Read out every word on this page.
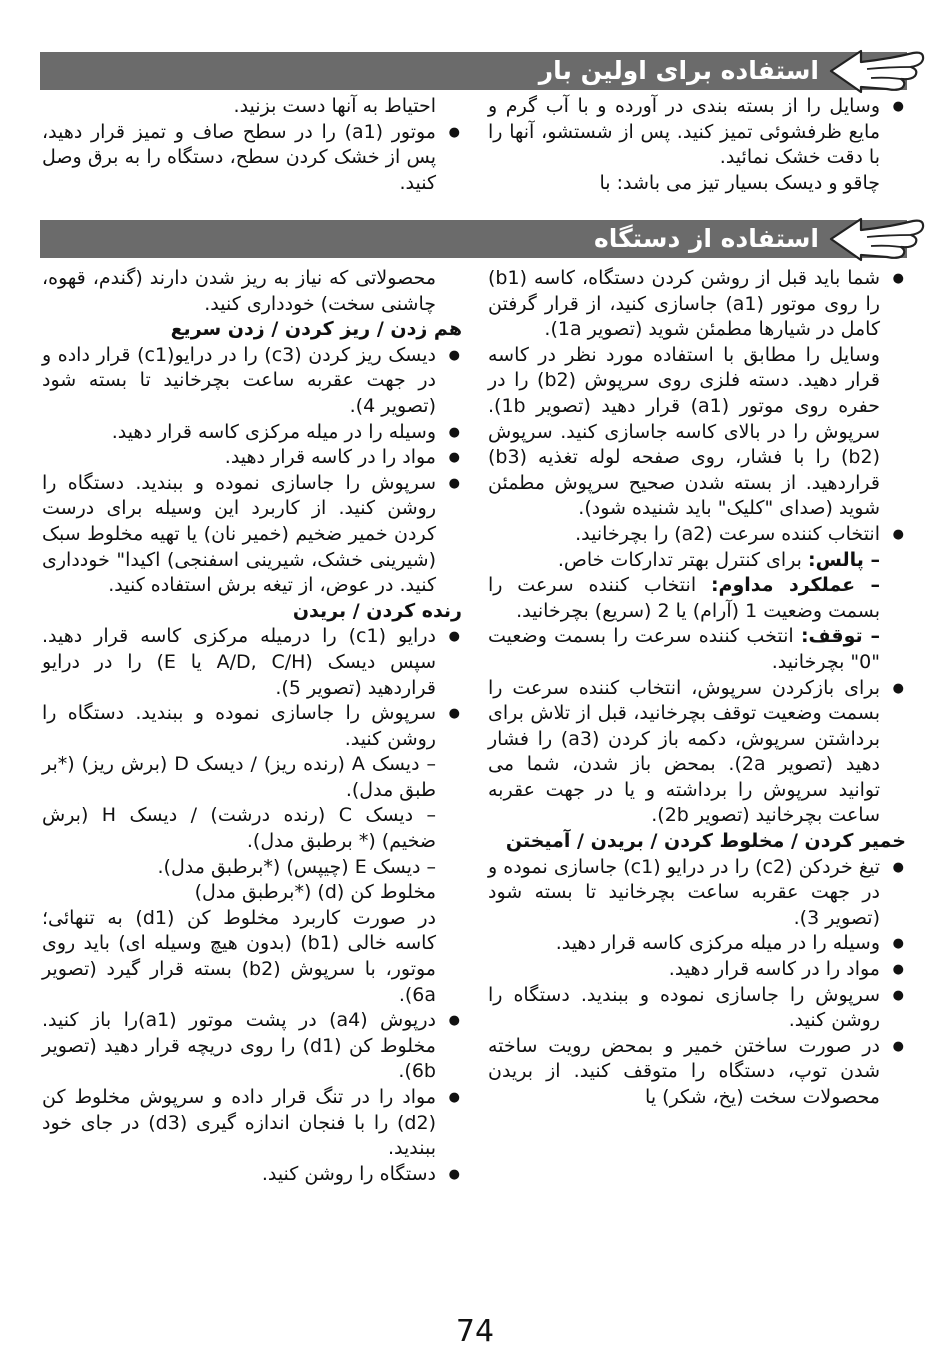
استفاده برای اولین بار

● وسایل را از بسته بندی در آورده و با آب گرم و مایع ظرفشوئی تمیز کنید. پس از شستشو، آنها را با دقت خشک نمائید.

چاقو و دیسک بسیار تیز می باشد: با

احتیاط به آنها دست بزنید.

● موتور (a1) را در سطح صاف و تمیز قرار دهید، پس از خشک کردن سطح، دستگاه را به برق وصل کنید.

استفاده از دستگاه

● شما باید قبل از روشن کردن دستگاه، کاسه (b1) را روی موتور (a1) جاسازی کنید، از قرار گرفتن کامل در شیارها مطمئن شوید (تصویر 1a).

وسایل را مطابق با استفاده مورد نظر در کاسه قرار دهید. دسته فلزی روی سرپوش (b2) را در حفره روی موتور (a1) قرار دهید (تصویر 1b). سرپوش را در بالای کاسه جاسازی کنید. سرپوش (b2) را با فشار، روی صفحه لوله تغذیه (b3) قراردهید. از بسته شدن صحیح سرپوش مطمئن شوید (صدای "کلیک" باید شنیده شود).

● انتخاب کننده سرعت (a2) را بچرخانید.

– پالس: برای کنترل بهتر تدارکات خاص.

– عملکرد مداوم: انتخاب کننده سرعت را بسمت وضعیت 1 (آرام) یا 2 (سریع) بچرخانید.

– توقف: انتخب کننده سرعت را بسمت وضعیت "0" بچرخانید.

● برای بازکردن سرپوش، انتخاب کننده سرعت را بسمت وضعیت توقف بچرخانید، قبل از تلاش برای برداشتن سرپوش، دکمه باز کردن (a3) را فشار دهید (تصویر 2a). بمحض باز شدن، شما می توانید سرپوش را برداشته و یا در جهت عقربه ساعت بچرخانید (تصویر 2b).

خمیر کردن / مخلوط کردن / بریدن / آمیختن

● تیغ خردکن (c2) را در درایو (c1) جاسازی نموده و در جهت عقربه ساعت بچرخانید تا بسته شود (تصویر 3).

● وسیله را در میله مرکزی کاسه قرار دهید.

● مواد را در کاسه قرار دهید.

● سرپوش را جاسازی نموده و ببندید. دستگاه را روشن کنید.

● در صورت ساختن خمیر و بمحض رویت ساخته شدن توپ، دستگاه را متوقف کنید. از بریدن محصولات سخت (یخ، شکر) یا

محصولاتی که نیاز به ریز شدن دارند (گندم، قهوه، چاشنی سخت) خودداری کنید.

هم زدن / ریز کردن / زدن سریع

● دیسک ریز کردن (c3) را در درایو(c1) قرار داده و در جهت عقربه ساعت بچرخانید تا بسته شود (تصویر 4).

● وسیله را در میله مرکزی کاسه قرار دهید.

● مواد را در کاسه قرار دهید.

● سرپوش را جاسازی نموده و ببندید. دستگاه را روشن کنید. از کاربرد این وسیله برای درست کردن خمیر ضخیم (خمیر نان) یا تهیه مخلوط سبک (شیرینی خشک، شیرینی اسفنجی) اکیدا" خودداری کنید. در عوض، از تیغه برش استفاده کنید.

رنده کردن / بریدن

● درایو (c1) را درمیله مرکزی کاسه قرار دهید. سپس دیسک (A/D, C/H یا E) را در درایو قراردهید (تصویر 5).

● سرپوش را جاسازی نموده و ببندید. دستگاه را روشن کنید.

– دیسک A (رنده ریز) / دیسک D (برش ریز) (*بر طبق مدل).

– دیسک C (رنده درشت) / دیسک H (برش ضخیم) (* برطبق مدل).

– دیسک E (چیپس) (*برطبق مدل).

مخلوط کن (d) (*برطبق مدل)

در صورت کاربرد مخلوط کن (d1) به تنهائی؛ کاسه خالی (b1) (بدون هیچ وسیله ای) باید روی موتور، با سرپوش (b2) بسته قرار گیرد (تصویر 6a).

● درپوش (a4) در پشت موتور (a1)را باز کنید. مخلوط کن (d1) را روی دریچه قرار دهید (تصویر 6b).

● مواد را در تنگ قرار داده و سرپوش مخلوط کن (d2) را با فنجان اندازه گیری (d3) در جای خود ببندید.

● دستگاه را روشن کنید.

74
